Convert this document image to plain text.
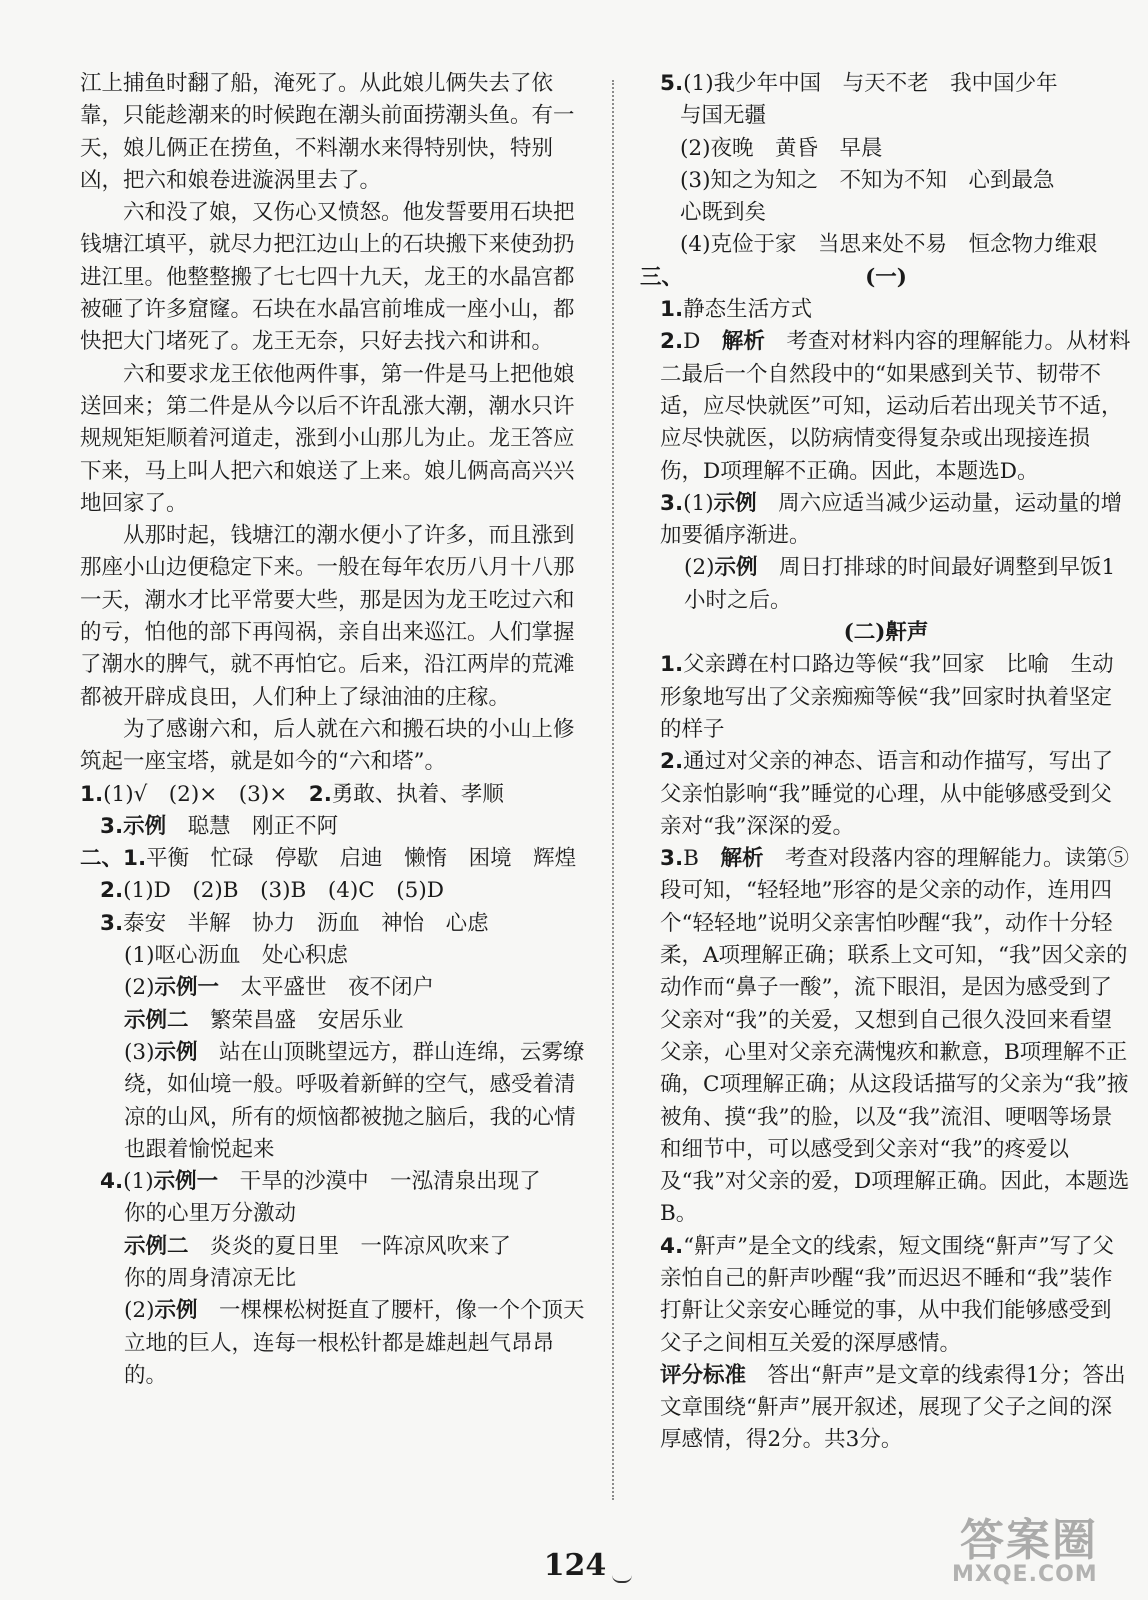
江上捕鱼时翻了船，淹死了。从此娘儿俩失去了依靠，只能趁潮来的时候跑在潮头前面捞潮头鱼。有一天，娘儿俩正在捞鱼，不料潮水来得特别快，特别凶，把六和娘卷进漩涡里去了。

六和没了娘，又伤心又愤怒。他发誓要用石块把钱塘江填平，就尽力把江边山上的石块搬下来使劲扔进江里。他整整搬了七七四十九天，龙王的水晶宫都被砸了许多窟窿。石块在水晶宫前堆成一座小山，都快把大门堵死了。龙王无奈，只好去找六和讲和。

六和要求龙王依他两件事，第一件是马上把他娘送回来；第二件是从今以后不许乱涨大潮，潮水只许规规矩矩顺着河道走，涨到小山那儿为止。龙王答应下来，马上叫人把六和娘送了上来。娘儿俩高高兴兴地回家了。

从那时起，钱塘江的潮水便小了许多，而且涨到那座小山边便稳定下来。一般在每年农历八月十八那一天，潮水才比平常要大些，那是因为龙王吃过六和的亏，怕他的部下再闯祸，亲自出来巡江。人们掌握了潮水的脾气，就不再怕它。后来，沿江两岸的荒滩都被开辟成良田，人们种上了绿油油的庄稼。

为了感谢六和，后人就在六和搬石块的小山上修筑起一座宝塔，就是如今的“六和塔”。

1.(1)√　(2)×　(3)×　2.勇敢、执着、孝顺

3.示例　聪慧　刚正不阿

二、1.平衡　忙碌　停歇　启迪　懒惰　困境　辉煌

2.(1)D　(2)B　(3)B　(4)C　(5)D

3.泰安　半解　协力　沥血　神怡　心虑

(1)呕心沥血　处心积虑

(2)示例一　太平盛世　夜不闭户

示例二　繁荣昌盛　安居乐业

(3)示例　站在山顶眺望远方，群山连绵，云雾缭绕，如仙境一般。呼吸着新鲜的空气，感受着清凉的山风，所有的烦恼都被抛之脑后，我的心情也跟着愉悦起来

4.(1)示例一　干旱的沙漠中　一泓清泉出现了

你的心里万分激动

示例二　炎炎的夏日里　一阵凉风吹来了

你的周身清凉无比

(2)示例　一棵棵松树挺直了腰杆，像一个个顶天立地的巨人，连每一根松针都是雄赳赳气昂昂的。

5.(1)我少年中国　与天不老　我中国少年

与国无疆

(2)夜晚　黄昏　早晨

(3)知之为知之　不知为不知　心到最急

心既到矣

(4)克俭于家　当思来处不易　恒念物力维艰

三、	(一)

1.静态生活方式

2.D　 解析　 考查对材料内容的理解能力。从材料二最后一个自然段中的“如果感到关节、韧带不适，应尽快就医”可知，运动后若出现关节不适，应尽快就医，以防病情变得复杂或出现接连损伤，D项理解不正确。因此，本题选D。

3.(1)示例　周六应适当减少运动量，运动量的增加要循序渐进。

(2)示例　周日打排球的时间最好调整到早饭1小时之后。

(二)鼾声

1.父亲蹲在村口路边等候“我”回家　比喻　生动形象地写出了父亲痴痴等候“我”回家时执着坚定的样子

2.通过对父亲的神态、语言和动作描写，写出了父亲怕影响“我”睡觉的心理，从中能够感受到父亲对“我”深深的爱。

3.B　 解析　 考查对段落内容的理解能力。读第⑤段可知，“轻轻地”形容的是父亲的动作，连用四个“轻轻地”说明父亲害怕吵醒“我”，动作十分轻柔，A项理解正确；联系上文可知，“我”因父亲的动作而“鼻子一酸”，流下眼泪，是因为感受到了父亲对“我”的关爱，又想到自己很久没回来看望父亲，心里对父亲充满愧疚和歉意，B项理解不正确，C项理解正确；从这段话描写的父亲为“我”掖被角、摸“我”的脸，以及“我”流泪、哽咽等场景和细节中，可以感受到父亲对“我”的疼爱以及“我”对父亲的爱，D项理解正确。因此，本题选B。

4.“鼾声”是全文的线索，短文围绕“鼾声”写了父亲怕自己的鼾声吵醒“我”而迟迟不睡和“我”装作打鼾让父亲安心睡觉的事，从中我们能够感受到父子之间相互关爱的深厚感情。

评分标准　答出“鼾声”是文章的线索得1分；答出文章围绕“鼾声”展开叙述，展现了父子之间的深厚感情，得2分。共3分。

124	答案圈
MXQE.COM
